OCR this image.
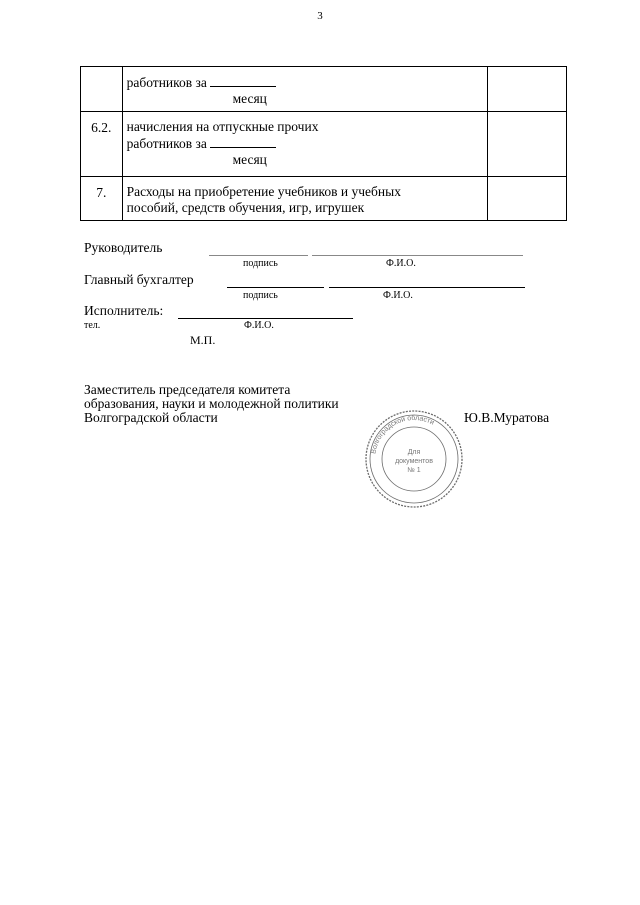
3

	работников за
месяц	

6.2.	начисления на отпускные прочих
работников за
месяц	

7.	Расходы на приобретение учебников и учебных
пособий, средств обучения, игр, игрушек	

Руководитель
подпись	Ф.И.О.
Главный бухгалтер
подпись	Ф.И.О.
Исполнитель:
тел.	Ф.И.О.
М.П.
Заместитель председателя комитета
образования, науки и молодежной политики
Волгоградской области	Ю.В.Муратова
Волгоградской области
Для
документов
№ 1
